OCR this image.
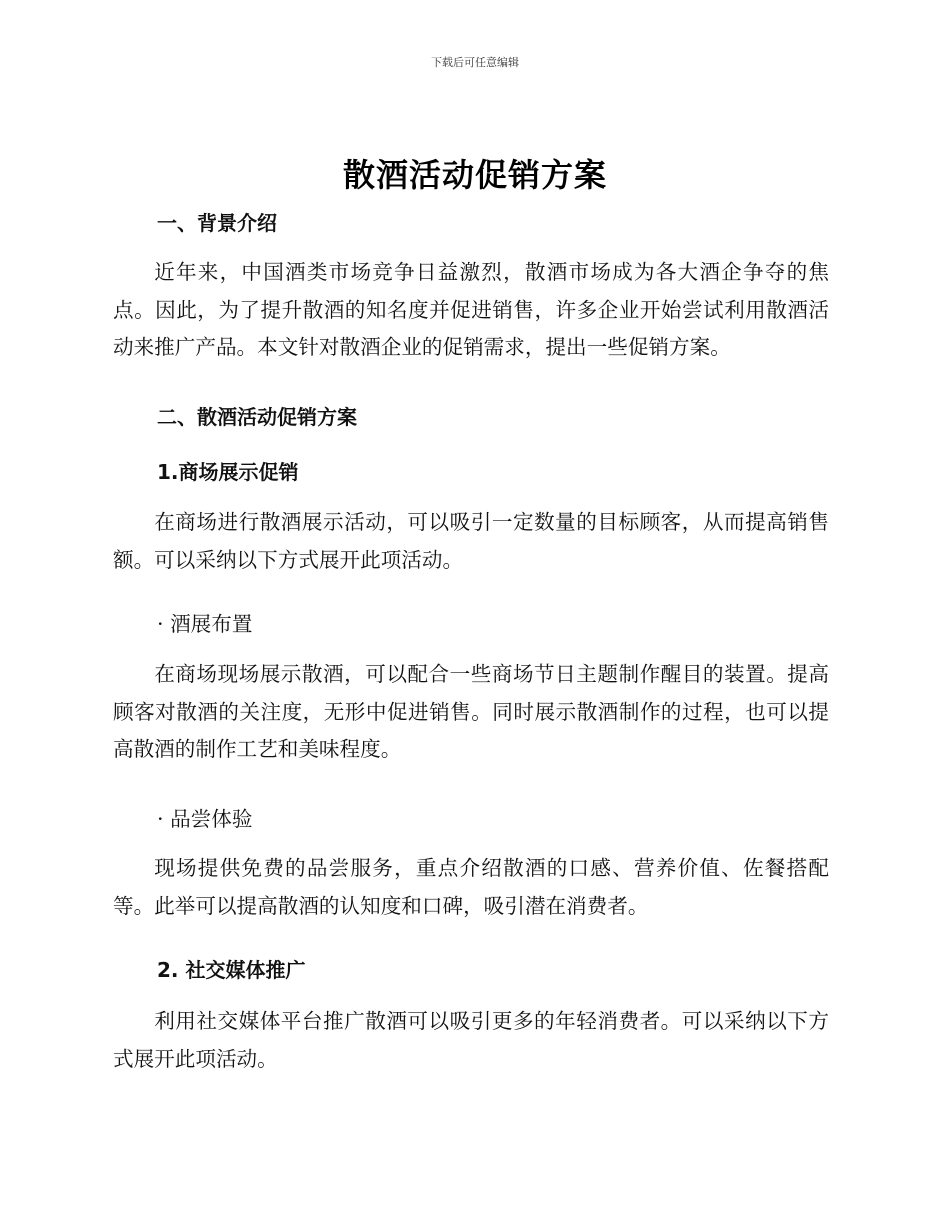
下载后可任意编辑
散酒活动促销方案
一、背景介绍
近年来，中国酒类市场竞争日益激烈，散酒市场成为各大酒企争夺的焦点。因此，为了提升散酒的知名度并促进销售，许多企业开始尝试利用散酒活动来推广产品。本文针对散酒企业的促销需求，提出一些促销方案。
二、散酒活动促销方案
1.商场展示促销
在商场进行散酒展示活动，可以吸引一定数量的目标顾客，从而提高销售额。可以采纳以下方式展开此项活动。
· 酒展布置
在商场现场展示散酒，可以配合一些商场节日主题制作醒目的装置。提高顾客对散酒的关注度，无形中促进销售。同时展示散酒制作的过程，也可以提高散酒的制作工艺和美味程度。
· 品尝体验
现场提供免费的品尝服务，重点介绍散酒的口感、营养价值、佐餐搭配等。此举可以提高散酒的认知度和口碑，吸引潜在消费者。
2. 社交媒体推广
利用社交媒体平台推广散酒可以吸引更多的年轻消费者。可以采纳以下方式展开此项活动。
